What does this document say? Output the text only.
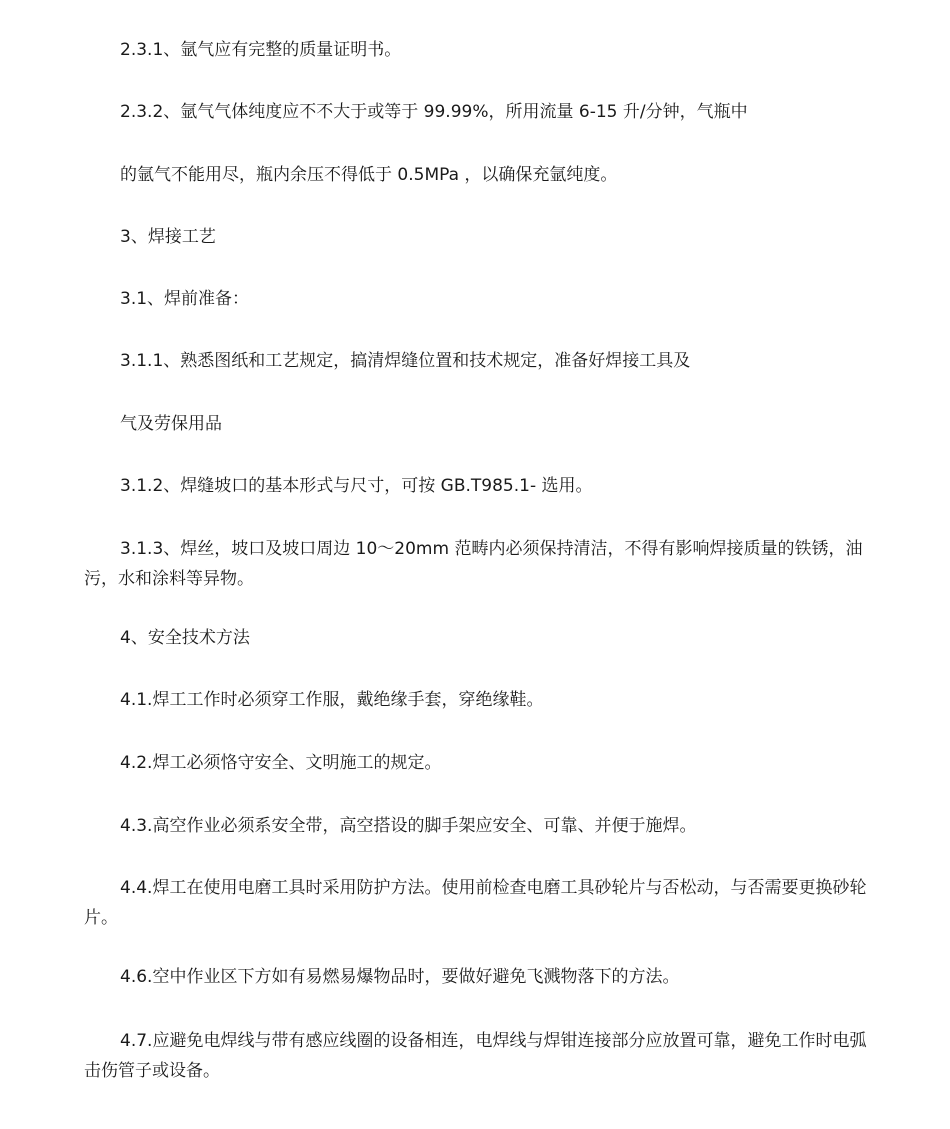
2.3.1、氩气应有完整的质量证明书。
2.3.2、氩气气体纯度应不不大于或等于 99.99%，所用流量 6-15 升/分钟，气瓶中
的氩气不能用尽，瓶内余压不得低于 0.5MPa ，以确保充氩纯度。
3、焊接工艺
3.1、焊前准备：
3.1.1、熟悉图纸和工艺规定，搞清焊缝位置和技术规定，准备好焊接工具及
气及劳保用品
3.1.2、焊缝坡口的基本形式与尺寸，可按 GB.T985.1- 选用。
3.1.3、焊丝，坡口及坡口周边 10～20mm 范畴内必须保持清洁，不得有影响焊接质量的铁锈，油污，水和涂料等异物。
4、安全技术方法
4.1.焊工工作时必须穿工作服，戴绝缘手套，穿绝缘鞋。
4.2.焊工必须恪守安全、文明施工的规定。
4.3.高空作业必须系安全带，高空搭设的脚手架应安全、可靠、并便于施焊。
4.4.焊工在使用电磨工具时采用防护方法。使用前检查电磨工具砂轮片与否松动，与否需要更换砂轮片。
4.6.空中作业区下方如有易燃易爆物品时，要做好避免飞溅物落下的方法。
4.7.应避免电焊线与带有感应线圈的设备相连，电焊线与焊钳连接部分应放置可靠，避免工作时电弧击伤管子或设备。
